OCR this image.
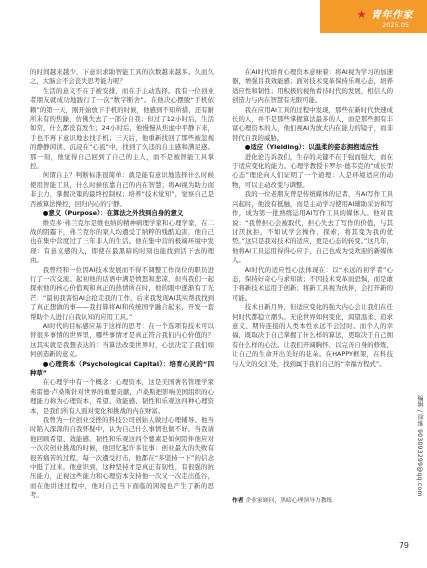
★ 青年作家
2025.05

的时间越来越少，下意识求助智能工具的次数越来越多。久而久之，大脑会不会丧失思考能力呢？

生活的意义不在于被安排，而在于主动选择。我有一位创业者朋友就成功地践行了一次“数字断舍”。在他决心摆脱“手机依赖”的第一天，刚开始放下手机的时候，他感到不知所措，还有耐所未有的焦躁，仿佛失去了一部分自我；但过了12小时后，生活如常，什么都没有发生；24小时后，他慢慢从焦虑中平静下来，手也不再下意识地去找手机；三天后，他重新找回了那些被忽视的静静闲读、沉浸在“心流”中，找到了久违的自主感和满足感。那一刻，他觉得自己回到了自己的主人，而不是被智能工具掌控。

何谓自主？判断标准很简单：就是能有意识地选择什么时候使用智能工具，什么时候依靠自己的内在智慧；将AI视为助力而非主力，掌握决策的最终控制权；培养“技术觉知”，觉察自己是否被算法操控，回归内心的宁静。

●意义（Purpose）：在算法之外找到自身的意义

维克多·弗兰克尔是维也纳的精神病理学家和心理学家，在二战的阴霾下，弗兰克尔的家人均遭受了纳粹的残酷迫害，他自己也在集中营度过了三年非人的生活。他在集中营的极端环境中发现：有意义感的人，即使在最黑暗的时刻也能找到活下去的理由。

我曾经和一位因AI技术发展而不得不调整工作岗位的职员进行了一次交流。起初他的话语中满是愤怒和悲凉，但当我们一起探索他的核心价值观和真正的热情所在时，他的眼中逐渐有了光芒：“最初我害怕AI会抢走我的工作，后来我发现AI其实帮我找到了真正想做的事——我打算将AI和传统国学融合起来，开发一套帮助个人进行自我认知的应用工具。”

AI时代的目标感应基于这样的思考：在一个选项有技术可以替很多事情的世界里，哪些事情才是真正符合我们内心价值的？这其实就是我想表达的：当算法改变世界时，心法决定了我们如何创造新的意义。

●心理资本（Psychological Capital）：培育心灵的“四种草”

在心理学中有一个概念：心理资本，这是美国著名管理学家弗雷德·卢桑斯针对世界的重要贡献，卢桑斯把影响美国组织的心理能力称为心理资本，希望、效能感、韧性和乐观这四种心理资本，是我们所有人面对变化和挑战的内在财富。

我曾为一位创业受挫的科技公司创始人做过心理辅导。他当时陷入深深的自我怀疑中，认为自己什么事情也做不好。当我请他回顾希望、效能感、韧性和乐观这四个要素是如何陪伴他应对一次次创业挑战的时候，他回忆起许多往事：创业最大的失败有很苦痛苦的过程，每一次遭受打击，他都在“多坚持一下”的信念中挺了过来。他意识到，这种坚持才是真正有韧性，有很强的抗压能力，正视这些能力和心理资本支持他一次又一次走出低谷，而在他讲述过程中，他对自己当下面临的困境也产生了新的思考。

在AI时代培育心理资本意味着：将AI视为学习的加速器，增强目我效能感；面对技术变革保持乐观心态，培养适应性和韧性；用积极的视角看待时代的发展，相信人的创造力与内在智慧有无限可能。

我在应用AI工具的过程中发现，那些在新时代快速成长的人，并不是那些掌握算法最多的人，而是那些拥有丰富心理资本的人，他们视AI为放大内在能力的镜子，而非替代自我的威胁。

●适应（Yielding）：以温柔的姿态拥抱适应性

进化论告诉我们，生存的关键不在于强而强大，而在于适应变化的能力。心理学教授卡罗尔·德韦克的“成长型心态”理论向人们证明了一个道理：人是环境适应的动物，可以主动改变与调整。

我的一位老朋友曾是传统媒体的记者，当AI写作工具兴起时，他没有抵触，而是主动学习使用AI辅助采访和写作，成为第一批熟练运用AI写作工具的媒体人。他对我说：“我曾担心会被取代，担心失去了写作的价值，与其讨厌抗拒，不如试学会操作、探索，将其变为我的优势。”这只是我对技术的适应，更是心态的转变。”这几年，他将AI工具运用得得心应手，自己也成为受欢迎的新媒体人。

AI时代的适应性心法体现在：以“永远的初学者”心态，保持好奇心与求知欲；不因技术变革而恐惧，而是敢于将新技术运用于创新；将新工具视为伙伴，会打开新的可能。

技术日新月异，但适应变化的强大内心会让我们在任何时代都稳立潮头。无论世界如何变化，渴望温柔、追求意义、期待连接的人类本性永远不会过时。而个人的幸福，既取决于自己掌握了什么样的算法，更取决于自己拥有什么样的心法。让我们开阔胸怀、以完善自身的修炼，让自己的生命开出美好的花朵。在HAPPY框架，在科技与人文的交汇处，找到属于我们自己的“幸福方程式”。

作者 企业家顾问，黑暗心理领导力教练
编辑 / 徐维 903093299@qq.com
79
